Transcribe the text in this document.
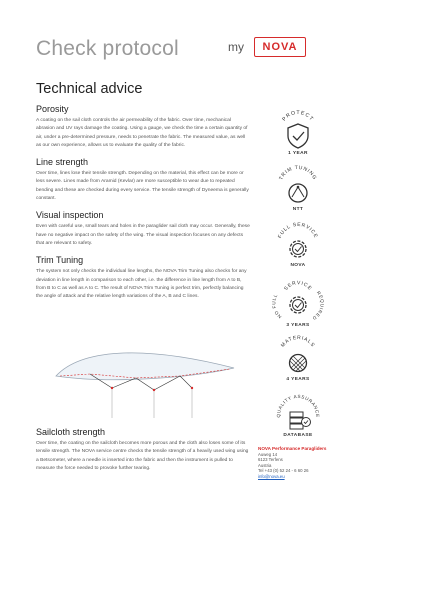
Check protocol	my NOVA
Technical advice
Porosity

A coating on the sail cloth controls the air permeability of the fabric. Over time, mechanical abrasion and UV rays damage the coating. Using a gauge, we check the time a certain quantity of air, under a pre-determined pressure, needs to penetrate the fabric. The measured value, as well as our own experience, allows us to evaluate the quality of the fabric.

Line strength

Over time, lines lose their tensile strength. Depending on the material, this effect can be more or less severe. Lines made from Aramid (Kevlar) are more susceptible to wear due to repeated bending and these are checked during every service. The tensile strength of Dyneema is generally constant.

Visual inspection

Even with careful use, small tears and holes in the paraglider sail cloth may occur. Generally, these have no negative impact on the safety of the wing. The visual inspection focuses on any defects that are relevant to safety.

Trim Tuning

The system not only checks the individual line lengths, the NOVA Trim Tuning also checks for any deviation in line length in comparison to each other, i.e. the difference in line length from A to B, from B to C as well as A to C. The result of NOVA Trim Tuning is perfect trim, perfectly balancing the angle of attack and the relative length variations of the A, B and C lines.

Sailcloth strength

Over time, the coating on the sailcloth becomes more porous and the cloth also loses some of its tensile strength. The NOVA service centre checks the tensile strength of a heavily used wing using a Betsometer, where a needle is inserted into the fabric and then the instrument is pulled to measure the force needed to provoke further tearing.

PROTECT
1 YEAR
TRIM TUNING
NTT
FULL SERVICE
NOVA
SERVICE
NO FULL	REQUIRED
3 YEARS
MATERIALS
4 YEARS
QUALITY ASSURANCE
DATABASE
NOVA Performance Paragliders
Auweg 14
6123 Terfens
Austria
Tel +43 (0) 52 24 - 6 60 26
info@nova.eu
